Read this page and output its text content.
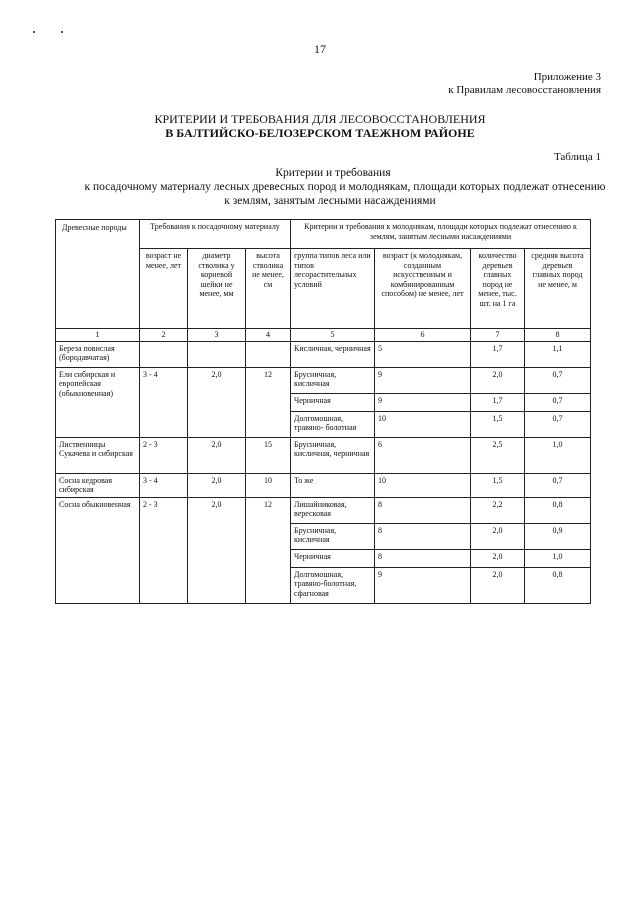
17
Приложение 3
к Правилам лесовосстановления
КРИТЕРИИ И ТРЕБОВАНИЯ ДЛЯ ЛЕСОВОССТАНОВЛЕНИЯ
В БАЛТИЙСКО-БЕЛОЗЕРСКОМ ТАЕЖНОМ РАЙОНЕ
Таблица 1
Критерии и требования
к посадочному материалу лесных древесных пород и молоднякам, площади которых подлежат отнесению
к землям, занятым лесными насаждениями
Древесные породы	Требования к посадочному материалу			Критерии и требования к молоднякам, площади которых подлежат отнесению к землям, занятым лесными насаждениями			
	возраст не менее, лет	диаметр стволика у корневой шейки не менее, мм	высота стволика не менее, см	группа типов леса или типов лесорастительных условий	возраст (к молоднякам, созданным искусственным и комбинированным способом) не менее, лет	количество деревьев главных пород не менее, тыс. шт. на 1 га	средняя высота деревьев главных пород не менее, м
1	2	3	4	5	6	7	8
Береза повислая (бородавчатая)				Кисличная, черничная	5	1,7	1,1
Ели сибирская и европейская (обыкновенная)	3 - 4	2,0	12	Брусничная, кисличная	9	2,0	0,7
				Черничная	9	1,7	0,7
				Долгомошная, травяно- болотная	10	1,5	0,7
Лиственницы Сукачева и сибирская	2 - 3	2,0	15	Брусничная, кисличная, черничная	6	2,5	1,0
Сосна кедровая сибирская	3 - 4	2,0	10	То же	10	1,5	0,7
Сосна обыкновенная	2 - 3	2,0	12	Лишайниковая, вересковая	8	2,2	0,8
				Брусничная, кисличная	8	2,0	0,9
				Черничная	8	2,0	1,0
				Долгомошная, травяно-болотная, сфагновая	9	2,0	0,8
